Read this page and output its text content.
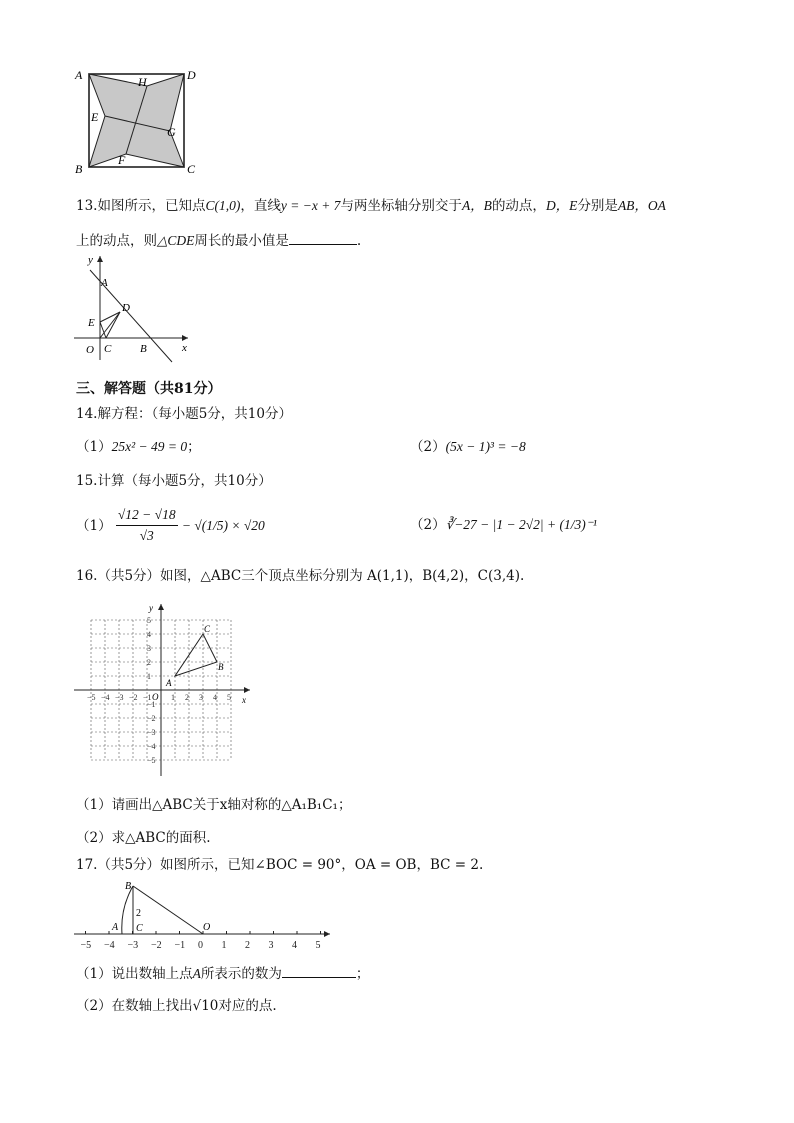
A	H	D
E
G
B
F
C
13.如图所示，已知点C(1,0)，直线y = −x + 7与两坐标轴分别交于A，B的动点，D，E分别是AB，OA
上的动点，则△CDE周长的最小值是	.
y
x
A
D
E
O C	B
三、解答题（共81分）
14.解方程：（每小题5分，共10分）
（1）25x² − 49 = 0；	（2）(5x − 1)³ = −8
15.计算（每小题5分，共10分）
$(1) \frac{√12 - √18}{√3} - √(1/5) \times √20$	（2）∛−27 − |1 − 2√2| + (1/3)⁻¹
16.（共5分）如图，△ABC三个顶点坐标分别为 A(1,1)，B(4,2)，C(3,4).
−5 −4 −3 −2 −1 1 2 3 4 5
5
4
3
2
1
−1
−2
−3
−4
−5
y
x
O
A
B
C
（1）请画出△ABC关于x轴对称的△A₁B₁C₁；
（2）求△ABC的面积.
17.（共5分）如图所示，已知∠BOC = 90°，OA = OB，BC = 2.
−5 −4 −3 −2 −1 0 1 2 3 4 5
B
A C
2
O
（1）说出数轴上点A所表示的数为	；
（2）在数轴上找出√10对应的点.
